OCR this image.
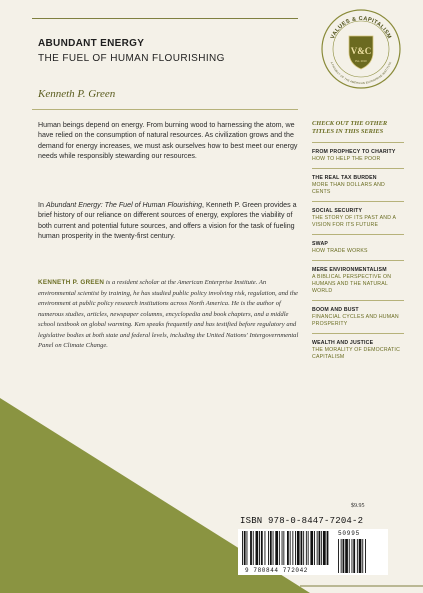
ABUNDANT ENERGY
THE FUEL OF HUMAN FLOURISHING
Kenneth P. Green
Human beings depend on energy. From burning wood to harnessing the atom, we have relied on the consumption of natural resources. As civilization grows and the demand for energy increases, we must ask ourselves how to best meet our energy needs while responsibly stewarding our resources.
In Abundant Energy: The Fuel of Human Flourishing, Kenneth P. Green provides a brief history of our reliance on different sources of energy, explores the viability of both current and potential future sources, and offers a vision for the task of fueling human prosperity in the twenty-first century.
KENNETH P. GREEN is a resident scholar at the American Enterprise Institute. An environmental scientist by training, he has studied public policy involving risk, regulation, and the environment at public policy research institutions across North America. He is the author of numerous studies, articles, newspaper columns, encyclopedia and book chapters, and a middle school textbook on global warming. Ken speaks frequently and has testified before regulatory and legislative bodies at both state and federal levels, including the United Nations' Intergovernmental Panel on Climate Change.
VALUES & CAPITALISM
A PROJECT OF THE AMERICAN ENTERPRISE INSTITUTE
V&C
Est. 2010
CHECK OUT THE OTHER TITLES IN THIS SERIES
FROM PROPHECY TO CHARITY
HOW TO HELP THE POOR
THE REAL TAX BURDEN
MORE THAN DOLLARS AND CENTS
SOCIAL SECURITY
THE STORY OF ITS PAST AND A VISION FOR ITS FUTURE
SWAP
HOW TRADE WORKS
MERE ENVIRONMENTALISM
A BIBLICAL PERSPECTIVE ON HUMANS AND THE NATURAL WORLD
BOOM AND BUST
FINANCIAL CYCLES AND HUMAN PROSPERITY
WEALTH AND JUSTICE
THE MORALITY OF DEMOCRATIC CAPITALISM
$9.95
ISBN 978-0-8447-7204-2
9 780844 772042
50995
